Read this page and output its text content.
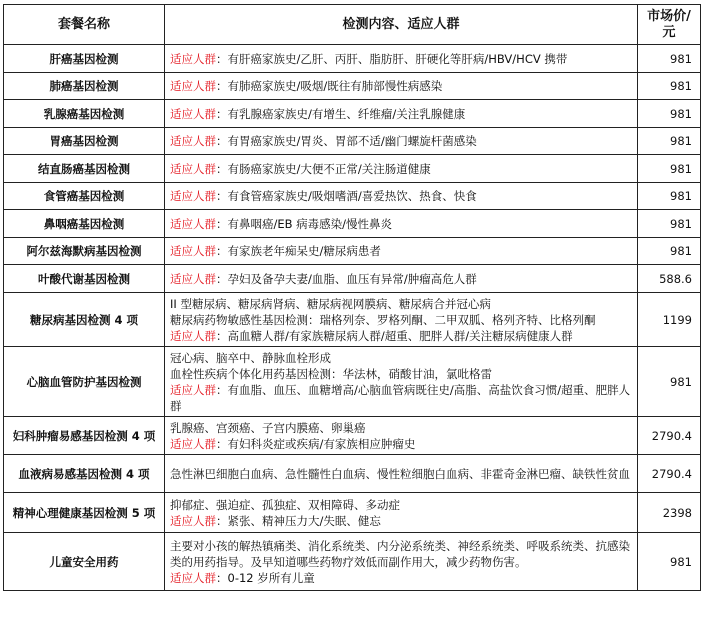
套餐名称	检测内容、适应人群	市场价/
元

肝癌基因检测	适应人群：有肝癌家族史/乙肝、丙肝、脂肪肝、肝硬化等肝病/HBV/HCV 携带	981
肺癌基因检测	适应人群：有肺癌家族史/吸烟/既往有肺部慢性病感染	981
乳腺癌基因检测	适应人群：有乳腺癌家族史/有增生、纤维瘤/关注乳腺健康	981
胃癌基因检测	适应人群：有胃癌家族史/胃炎、胃部不适/幽门螺旋杆菌感染	981
结直肠癌基因检测	适应人群：有肠癌家族史/大便不正常/关注肠道健康	981
食管癌基因检测	适应人群：有食管癌家族史/吸烟嗜酒/喜爱热饮、热食、快食	981
鼻咽癌基因检测	适应人群：有鼻咽癌/EB 病毒感染/慢性鼻炎	981
阿尔兹海默病基因检测	适应人群：有家族老年痴呆史/糖尿病患者	981
叶酸代谢基因检测	适应人群：孕妇及备孕夫妻/血脂、血压有异常/肿瘤高危人群	588.6
糖尿病基因检测 4 项	II 型糖尿病、糖尿病肾病、糖尿病视网膜病、糖尿病合并冠心病
糖尿病药物敏感性基因检测：瑞格列奈、罗格列酮、二甲双胍、格列齐特、比格列酮
适应人群：高血糖人群/有家族糖尿病人群/超重、肥胖人群/关注糖尿病健康人群	1199
心脑血管防护基因检测	冠心病、脑卒中、静脉血栓形成
血栓性疾病个体化用药基因检测：华法林，硝酸甘油，氯吡格雷
适应人群：有血脂、血压、血糖增高/心脑血管病既往史/高脂、高盐饮食习惯/超重、肥胖人群	981
妇科肿瘤易感基因检测 4 项	乳腺癌、宫颈癌、子宫内膜癌、卵巢癌
适应人群：有妇科炎症或疾病/有家族相应肿瘤史	2790.4
血液病易感基因检测 4 项	急性淋巴细胞白血病、急性髓性白血病、慢性粒细胞白血病、非霍奇金淋巴瘤、缺铁性贫血	2790.4
精神心理健康基因检测 5 项	抑郁症、强迫症、孤独症、双相障碍、多动症
适应人群：紧张、精神压力大/失眠、健忘	2398
儿童安全用药	主要对小孩的解热镇痛类、消化系统类、内分泌系统类、神经系统类、呼吸系统类、抗感染类的用药指导。及早知道哪些药物疗效低而副作用大，减少药物伤害。
适应人群：0-12 岁所有儿童	981
